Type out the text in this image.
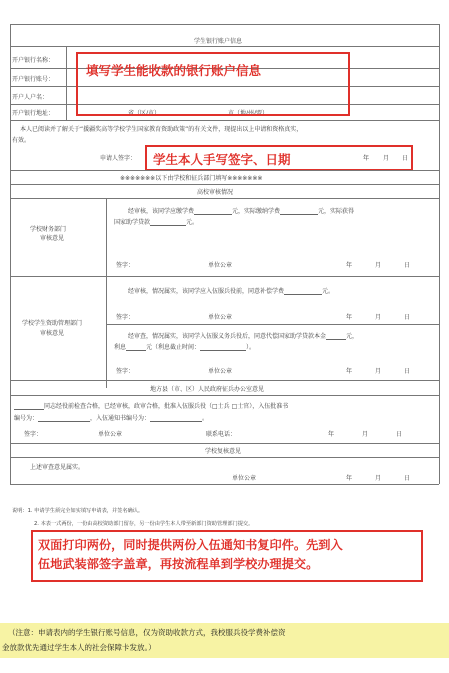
学生银行账户信息
开户银行名称：
开户银行账号：
开户人户名：
开户银行地址：	省（区/市）	市（地/州/盟）
填写学生能收款的银行账户信息
本人已阅读并了解关于“援疆奖高等学校学生国家教育资助政策”的有关文件，现提出以上申请和资格真实，
有效。
申请人签字： 学生本人手写签字、日期	年 月 日
※※※※※※※以下由学校和征兵部门填写※※※※※※※
高校审核情况
学校财务部门
审核意见
经审核，该同学应缴学费	元，实际缴纳学费	元，实际获得
国家助学贷款	元。
签字：	单位公章	年	月	日
学校学生资助管理部门
审核意见
经审核，情况属实，该同学应入伍服兵役前，同意补偿学费	元。
签字：	单位公章	年	月	日
经审查，情况属实，该同学入伍服义务兵役后，同意代偿国家助学贷款本金	元，
利息	元（利息截止时间：	）。
签字：	单位公章	年	月	日
地方县（市、区）人民政府征兵办公室意见
同志经役前检查合格，已经审核，政审合格，批准入伍服兵役（□士兵 □士官），入伍批准书
编号为：	，入伍通知书编号为：	。
签字：	单位公章	联系电话：	年	月	日
学校复核意见
上述审查意见属实。
单位公章	年	月	日
说明：1. 申请学生须完全如实填写申请表，并签名确认。
2. 本表一式两份，一份由高校资助部门留存，另一份由学生本人带至新部门资助管理部门提交。
双面打印两份，同时提供两份入伍通知书复印件。先到入
伍地武装部签字盖章，再按流程单到学校办理提交。
（注意：申请表内的学生银行账号信息，仅为资助收款方式，我校服兵役学费补偿资
金放款优先通过学生本人的社会保障卡发放。）
